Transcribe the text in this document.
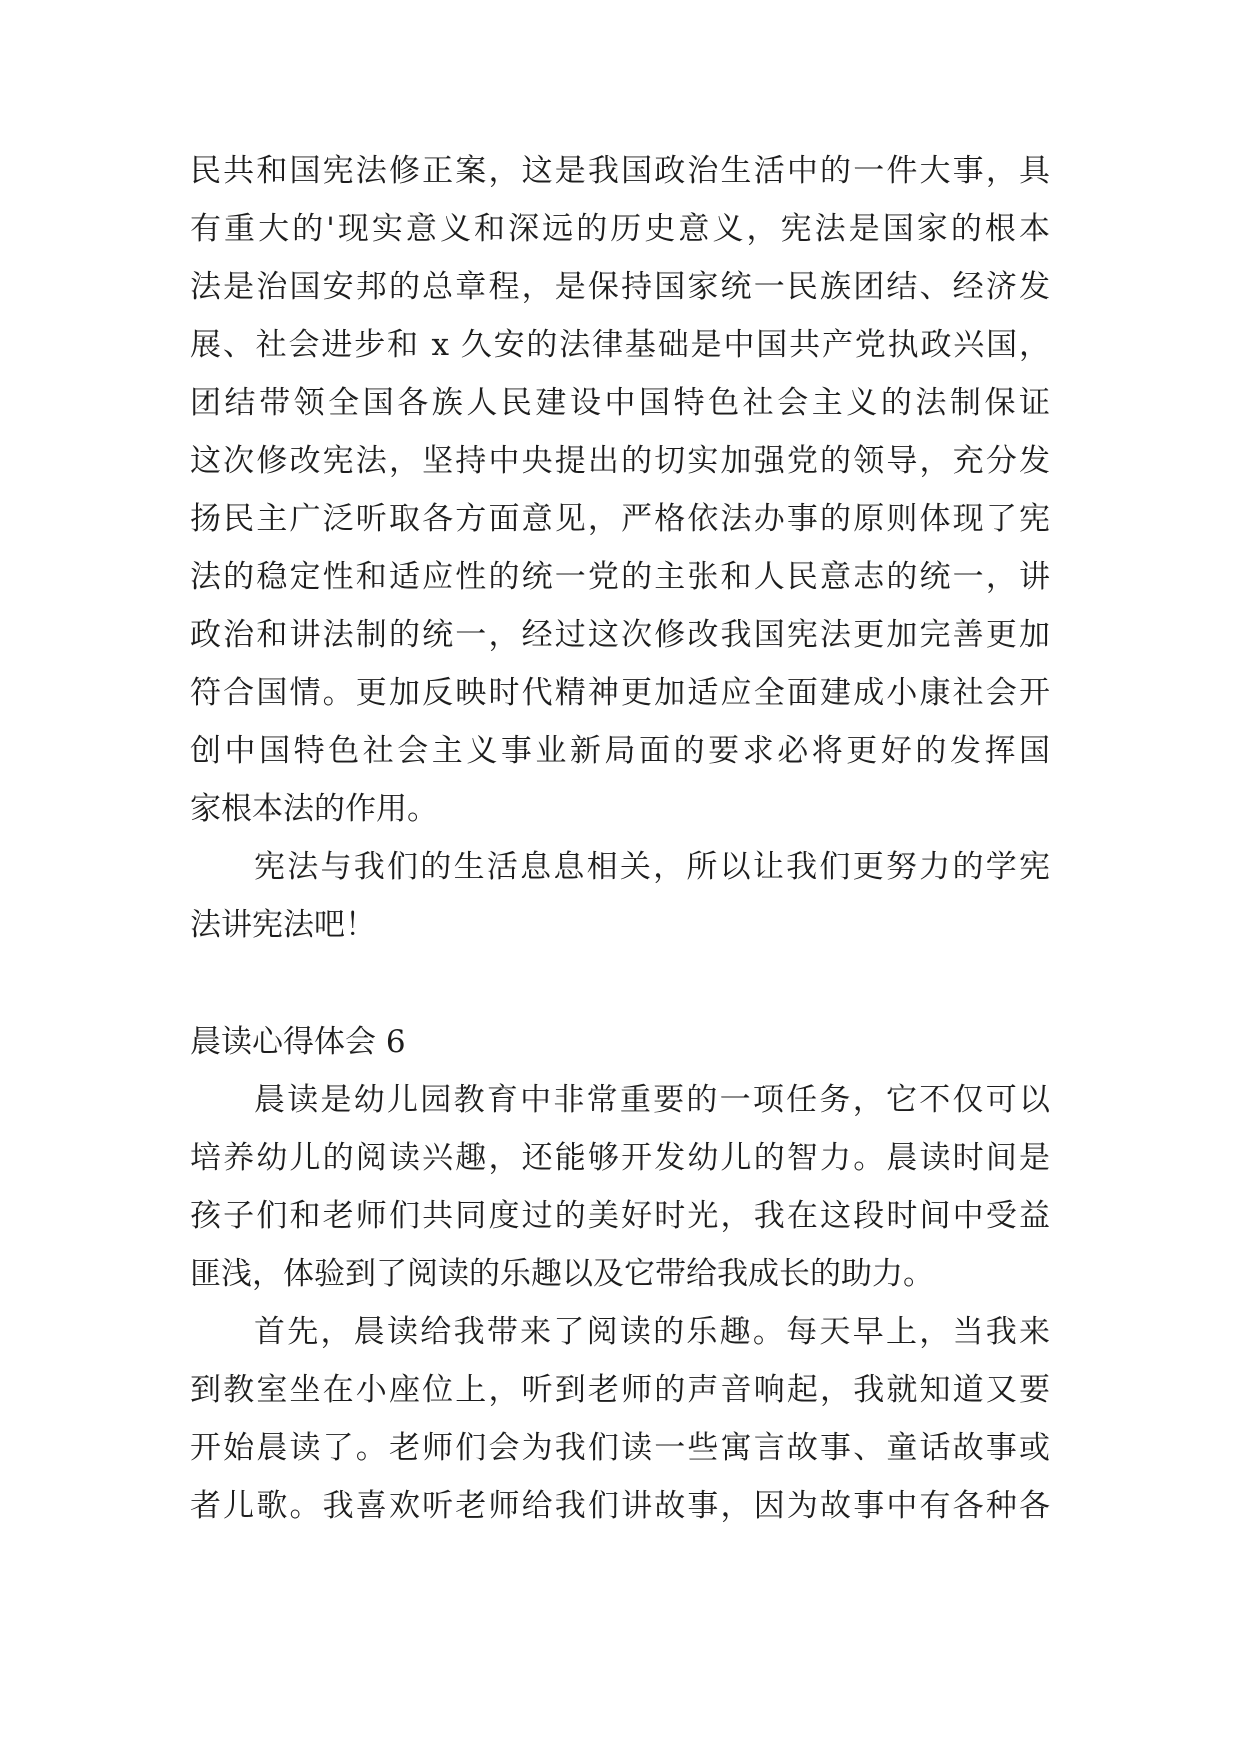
民共和国宪法修正案，这是我国政治生活中的一件大事，具
有重大的'现实意义和深远的历史意义，宪法是国家的根本
法是治国安邦的总章程，是保持国家统一民族团结、经济发
展、社会进步和 x 久安的法律基础是中国共产党执政兴国，
团结带领全国各族人民建设中国特色社会主义的法制保证
这次修改宪法，坚持中央提出的切实加强党的领导，充分发
扬民主广泛听取各方面意见，严格依法办事的原则体现了宪
法的稳定性和适应性的统一党的主张和人民意志的统一，讲
政治和讲法制的统一，经过这次修改我国宪法更加完善更加
符合国情。更加反映时代精神更加适应全面建成小康社会开
创中国特色社会主义事业新局面的要求必将更好的发挥国
家根本法的作用。
宪法与我们的生活息息相关，所以让我们更努力的学宪
法讲宪法吧！
晨读心得体会 6
晨读是幼儿园教育中非常重要的一项任务，它不仅可以
培养幼儿的阅读兴趣，还能够开发幼儿的智力。晨读时间是
孩子们和老师们共同度过的美好时光，我在这段时间中受益
匪浅，体验到了阅读的乐趣以及它带给我成长的助力。
首先，晨读给我带来了阅读的乐趣。每天早上，当我来
到教室坐在小座位上，听到老师的声音响起，我就知道又要
开始晨读了。老师们会为我们读一些寓言故事、童话故事或
者儿歌。我喜欢听老师给我们讲故事，因为故事中有各种各
